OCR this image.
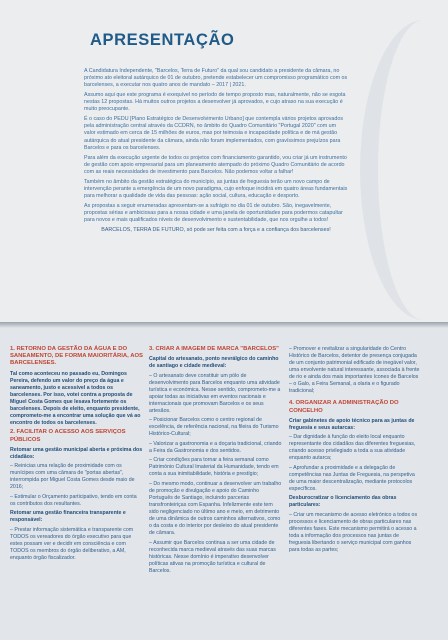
APRESENTAÇÃO

A Candidatura Independente, "Barcelos, Terra de Futuro" da qual sou candidato a presidente da câmara, no próximo ato eleitoral autárquico de 01 de outubro, pretende estabelecer um compromisso programático com os barcelenses, a executar nos quatro anos de mandato – 2017 | 2021.

Assumo aqui que este programa é exequível no período de tempo proposto mas, naturalmente, não se esgota nestas 12 propostas. Há muitos outros projetos a desenvolver já aprovados, e cujo atraso na sua execução é muito preocupante.

É o caso do PEDU [Plano Estratégico de Desenvolvimento Urbano] que contempla vários projetos aprovados pela administração central através da CCDRN, no âmbito do Quadro Comunitário "Portugal 2020" com um valor estimado em cerca de 15 milhões de euros, mas por teimosia e incapacidade política e de má gestão autárquica do atual presidente da câmara, ainda não foram implementados, com gravíssimos prejuízos para Barcelos e para os barcelenses.

Para além da execução urgente de todos os projetos com financiamento garantido, vou criar já um instrumento de gestão com apoio empresarial para um planeamento atempado do próximo Quadro Comunitário de acordo com as reais necessidades de investimento para Barcelos. Não podemos voltar a falhar!

Também no âmbito da gestão estratégica do município, as juntas de freguesia terão um novo campo de intervenção perante a emergência de um novo paradigma, cujo enfoque incidirá em quatro áreas fundamentais para melhorar a qualidade de vida das pessoas: ação social, cultura, educação e desporto.

As propostas a seguir enumeradas apresentam-se a sufrágio no dia 01 de outubro. São, inegavelmente, propostas sérias e ambiciosas para a nossa cidade e uma janela de oportunidades para podermos catapultar para novos e mais qualificados níveis de desenvolvimento e sustentabilidade, que nos orgulhe a todos!

BARCELOS, TERRA DE FUTURO, só pode ser feita com a força e a confiança dos barcelenses!

1. RETORNO DA GESTÃO DA ÁGUA E DO SANEAMENTO, DE FORMA MAIORITÁRIA, AOS BARCELENSES.
Tal como aconteceu no passado eu, Domingos Pereira, defendo um valor do preço da água e saneamento, justo e acessível a todos os barcelenses. Por isso, votei contra a proposta de Miguel Costa Gomes que lesava fortemente os barcelenses. Depois de eleito, enquanto presidente, comprometo-me a encontrar uma solução que vá ao encontro de todos os barcelenses.
2. FACILITAR O ACESSO AOS SERVIÇOS PÚBLICOS
Retomar uma gestão municipal aberta e próxima dos cidadãos:
– Reinicias uma relação de proximidade com os munícipes com uma câmara de "portas abertas", interrompida por Miguel Costa Gomes desde maio de 2016;
– Estimular o Orçamento participativo, tendo em conta os contributos dos resultantes.
Retomar uma gestão financeira transparente e responsável:
– Prestar informação sistemática e transparente com TODOS os vereadores do órgão executivo para que estes possam ver e decidir em consciência e com TODOS os membros do órgão deliberativo, a AM, enquanto órgão fiscalizador.
3. CRIAR A IMAGEM DE MARCA "BARCELOS"
Capital do artesanato, ponto nevrálgico do caminho de santiago e cidade medieval:
– O artesanato deve constituir um pólo de desenvolvimento para Barcelos enquanto uma atividade turística e económica. Nesse sentido, comprometo-me a apoiar todas as iniciativas em eventos nacionais e internacionais que promovam Barcelos e os seus artesãos.
– Posicionar Barcelos como o centro regional de excelência, de referência nacional, na fileira do Turismo Histórico-Cultural;
– Valorizar a gastronomia e a doçaria tradicional, criando a Feira da Gastronomia e dos sentidos.
– Criar condições para tornar a feira semanal como Património Cultural Imaterial da Humanidade, tendo em conta a sua inimitabilidade, história e prestígio;
– Do mesmo modo, continuar a desenvolver um trabalho de promoção e divulgação e apoio do Caminho Português de Santiago, incluindo parcerias transfronteiriças com Espanha. Infelizmente este tem sido negligenciado no último ano e meio, em detrimento de uma dinâmica de outros caminhos alternativos, como o da costa e do interior por desleixo do atual presidente de câmara.
– Assumir que Barcelos continua a ser uma cidade de reconhecida marca medieval através das suas marcas históricas. Nesse domínio é imperativo desenvolver políticas ativas na promoção turística e cultural de Barcelos.
– Promover e revitalizar a singularidade do Centro Histórico de Barcelos, detentor de presença conjugada de um conjunto patrimonial edificado de inegável valor, uma envolvente natural interessante, associada à frente de rio e ainda dos mais importantes ícones de Barcelos – o Galo, a Feira Semanal, a olaria e o figurado tradicional;
4. ORGANIZAR A ADMINISTRAÇÃO DO CONCELHO
Criar gabinetes de apoio técnico para as juntas de freguesia e seus autarcas:
– Dar dignidade à função do eleito local enquanto representante dos cidadãos das diferentes freguesias, criando acesso privilegiado a toda a sua atividade enquanto autarca;
– Aprofundar a proximidade e a delegação de competências nas Juntas de Freguesia, na perspetiva de uma maior descentralização, mediante protocolos específicos.
Desburocratizar o licenciamento das obras particulares:
– Criar um mecanismo de acesso eletrónico a todos os processos e licenciamento de obras particulares nas diferentes fases. Este mecanismo permitirá o acesso a toda a informação dos processos nas juntas de freguesia libertando o serviço municipal com ganhos para todas as partes;
